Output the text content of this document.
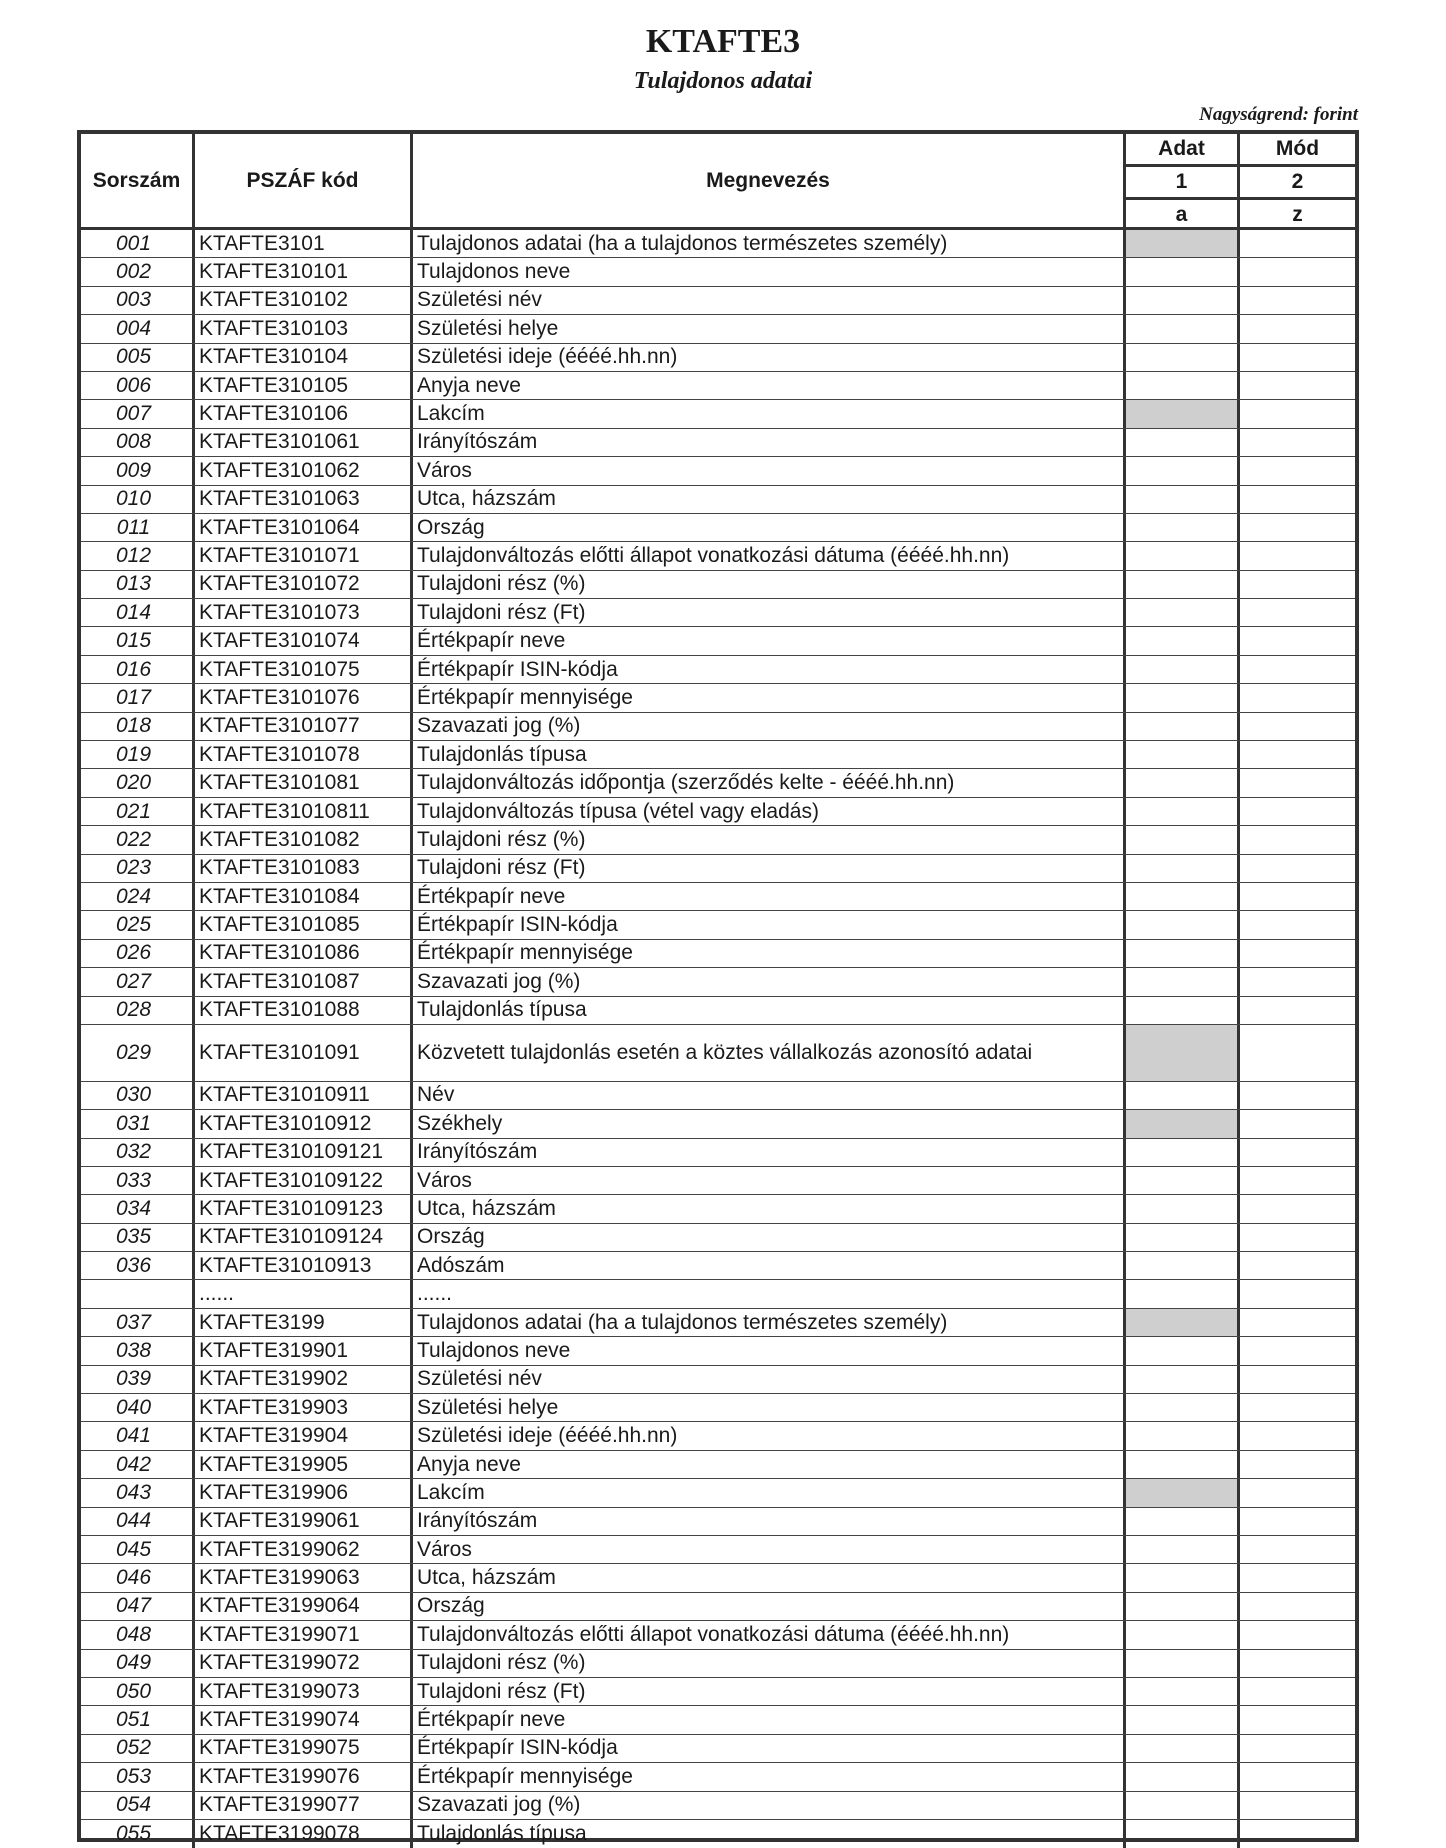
KTAFTE3
Tulajdonos adatai
Nagyságrend: forint
Sorszám	PSZÁF kód	Megnevezés
Adat	Mód
1	2
a	z
001	KTAFTE3101	Tulajdonos adatai (ha a tulajdonos természetes személy)
002	KTAFTE310101	Tulajdonos neve
003	KTAFTE310102	Születési név
004	KTAFTE310103	Születési helye
005	KTAFTE310104	Születési ideje (éééé.hh.nn)
006	KTAFTE310105	Anyja neve
007	KTAFTE310106	Lakcím
008	KTAFTE3101061	Irányítószám
009	KTAFTE3101062	Város
010	KTAFTE3101063	Utca, házszám
011	KTAFTE3101064	Ország
012	KTAFTE3101071	Tulajdonváltozás előtti állapot vonatkozási dátuma (éééé.hh.nn)
013	KTAFTE3101072	Tulajdoni rész (%)
014	KTAFTE3101073	Tulajdoni rész (Ft)
015	KTAFTE3101074	Értékpapír neve
016	KTAFTE3101075	Értékpapír ISIN-kódja
017	KTAFTE3101076	Értékpapír mennyisége
018	KTAFTE3101077	Szavazati jog (%)
019	KTAFTE3101078	Tulajdonlás típusa
020	KTAFTE3101081	Tulajdonváltozás időpontja (szerződés kelte - éééé.hh.nn)
021	KTAFTE31010811	Tulajdonváltozás típusa (vétel vagy eladás)
022	KTAFTE3101082	Tulajdoni rész (%)
023	KTAFTE3101083	Tulajdoni rész (Ft)
024	KTAFTE3101084	Értékpapír neve
025	KTAFTE3101085	Értékpapír ISIN-kódja
026	KTAFTE3101086	Értékpapír mennyisége
027	KTAFTE3101087	Szavazati jog (%)
028	KTAFTE3101088	Tulajdonlás típusa
029	KTAFTE3101091	Közvetett tulajdonlás esetén a köztes vállalkozás azonosító adatai
030	KTAFTE31010911	Név
031	KTAFTE31010912	Székhely
032	KTAFTE310109121	Irányítószám
033	KTAFTE310109122	Város
034	KTAFTE310109123	Utca, házszám
035	KTAFTE310109124	Ország
036	KTAFTE31010913	Adószám
......	......
037	KTAFTE3199	Tulajdonos adatai (ha a tulajdonos természetes személy)
038	KTAFTE319901	Tulajdonos neve
039	KTAFTE319902	Születési név
040	KTAFTE319903	Születési helye
041	KTAFTE319904	Születési ideje (éééé.hh.nn)
042	KTAFTE319905	Anyja neve
043	KTAFTE319906	Lakcím
044	KTAFTE3199061	Irányítószám
045	KTAFTE3199062	Város
046	KTAFTE3199063	Utca, házszám
047	KTAFTE3199064	Ország
048	KTAFTE3199071	Tulajdonváltozás előtti állapot vonatkozási dátuma (éééé.hh.nn)
049	KTAFTE3199072	Tulajdoni rész (%)
050	KTAFTE3199073	Tulajdoni rész (Ft)
051	KTAFTE3199074	Értékpapír neve
052	KTAFTE3199075	Értékpapír ISIN-kódja
053	KTAFTE3199076	Értékpapír mennyisége
054	KTAFTE3199077	Szavazati jog (%)
055	KTAFTE3199078	Tulajdonlás típusa
